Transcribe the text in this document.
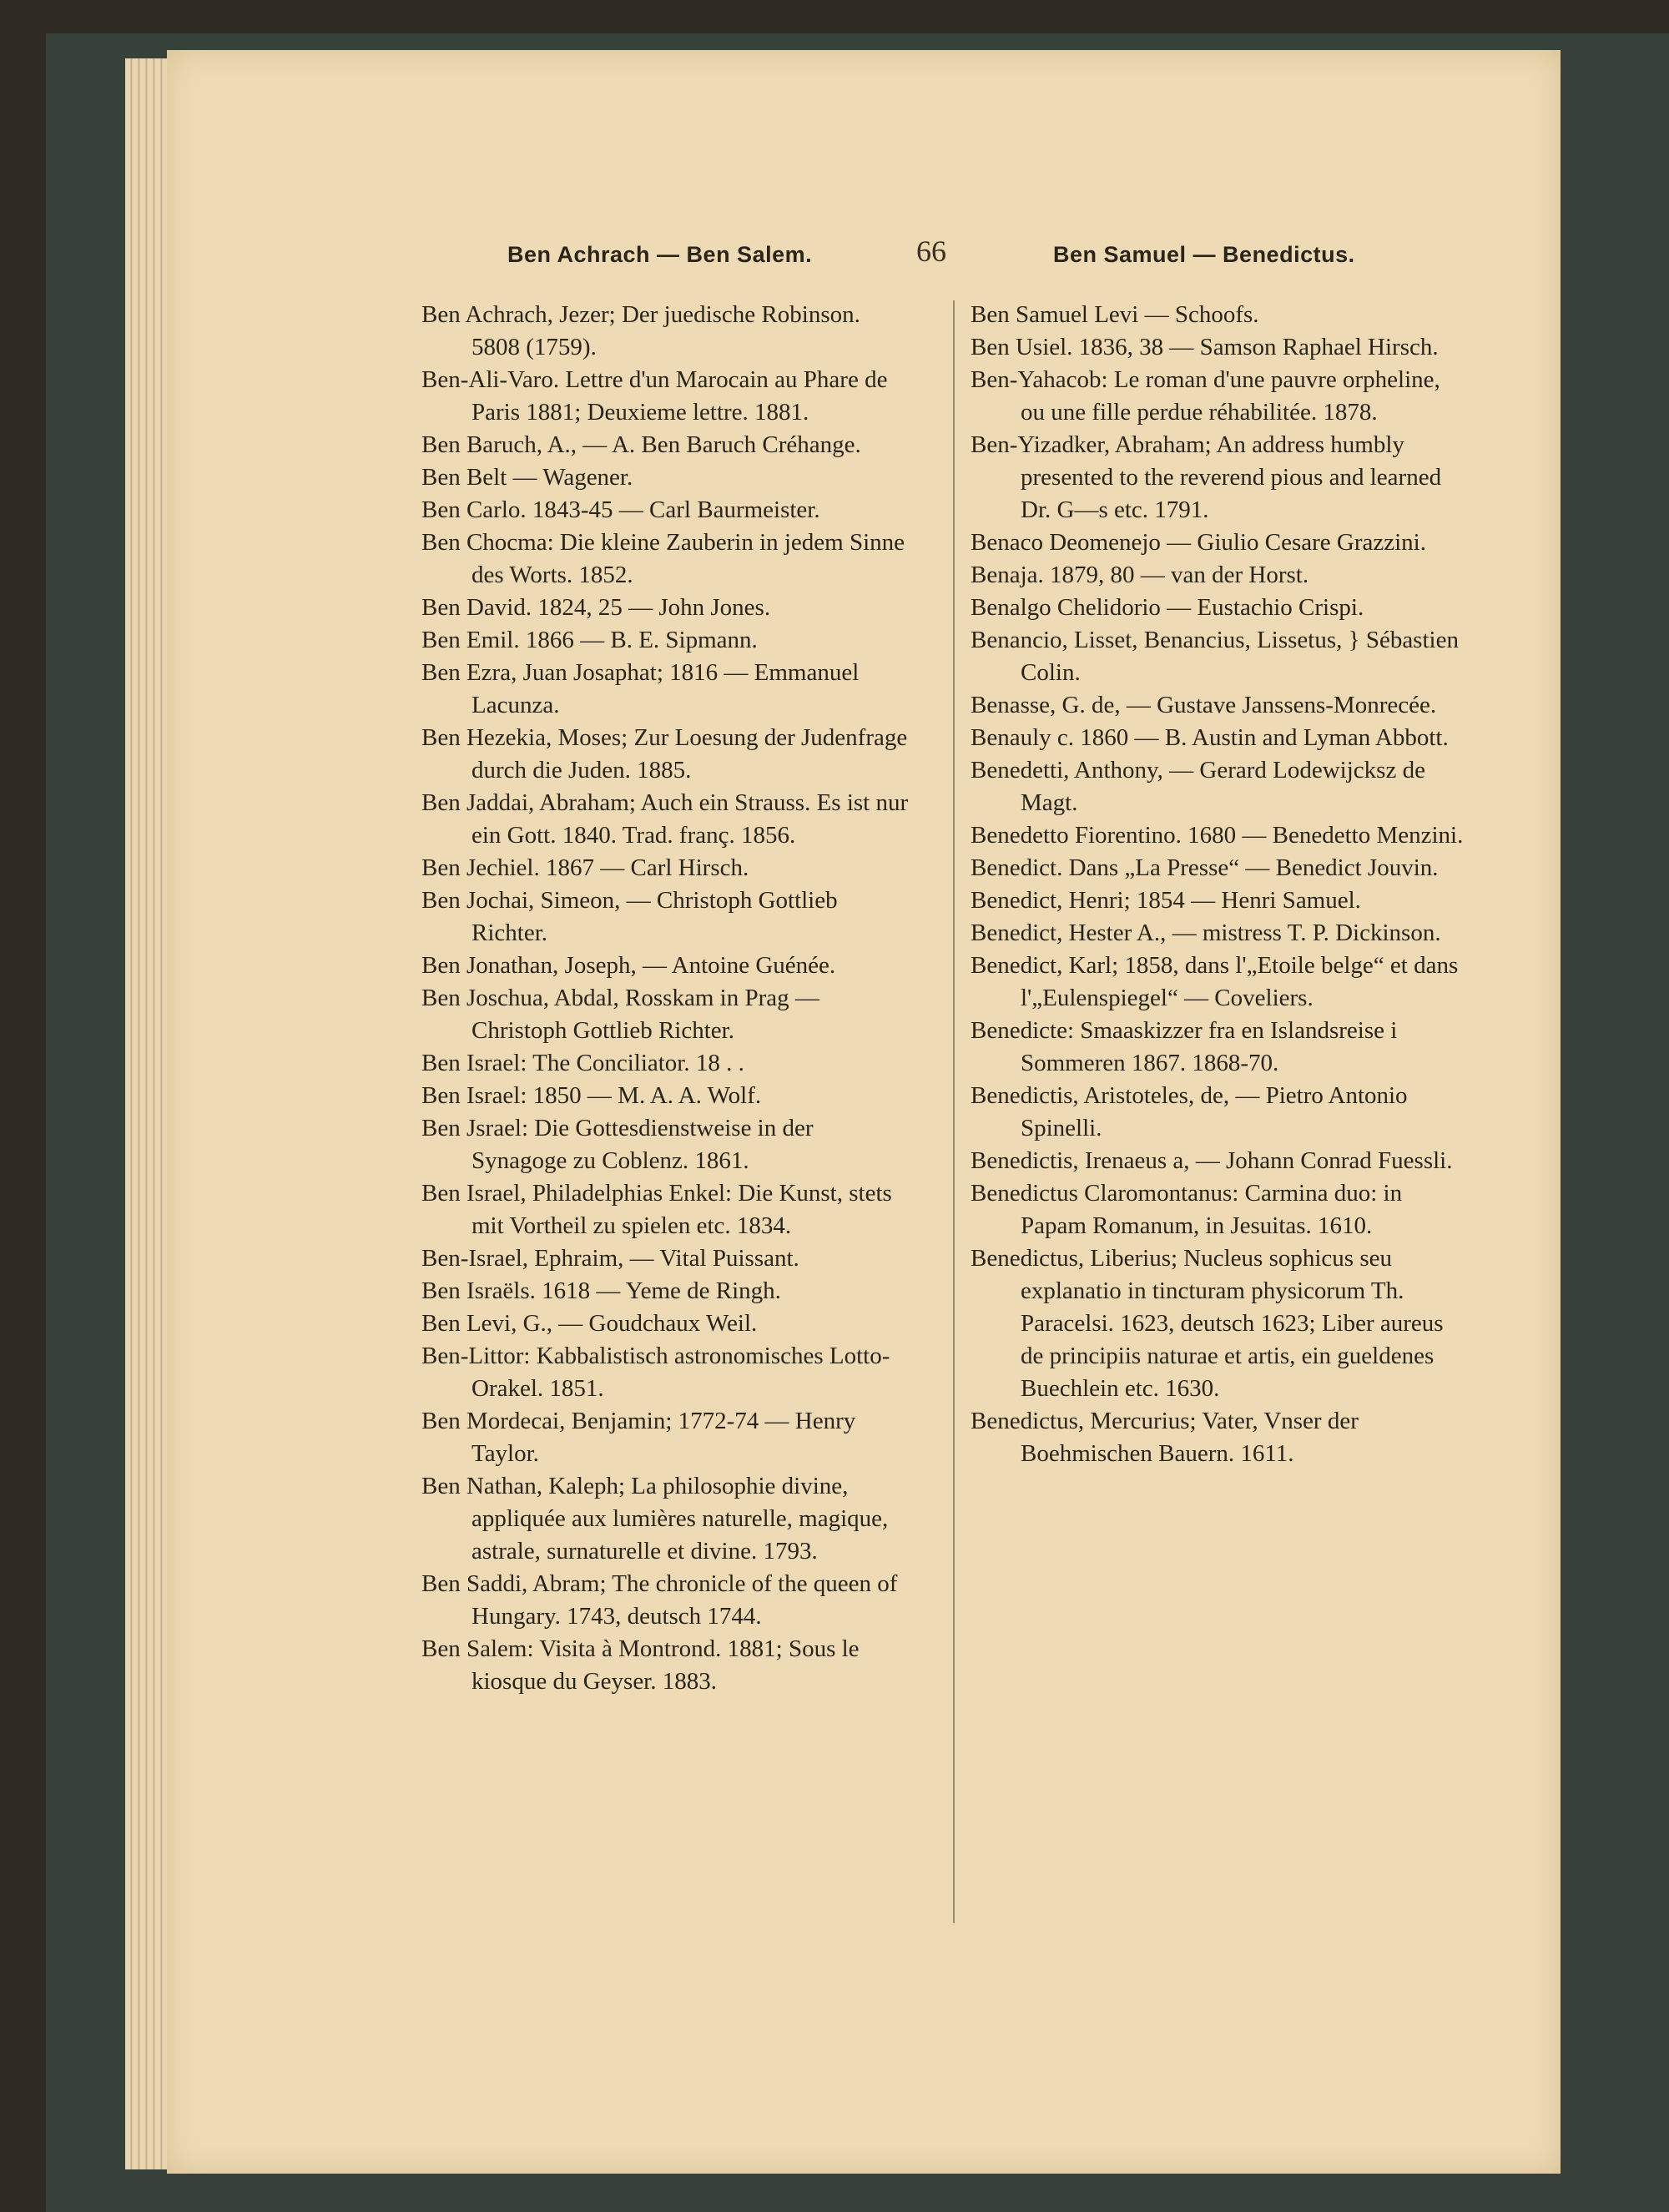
Ben Achrach — Ben Salem.	66	Ben Samuel — Benedictus.
Ben Achrach, Jezer; Der juedische Robinson. 5808 (1759).
Ben-Ali-Varo. Lettre d'un Marocain au Phare de Paris 1881; Deuxieme lettre. 1881.
Ben Baruch, A., — A. Ben Baruch Créhange.
Ben Belt — Wagener.
Ben Carlo. 1843-45 — Carl Baurmeister.
Ben Chocma: Die kleine Zauberin in jedem Sinne des Worts. 1852.
Ben David. 1824, 25 — John Jones.
Ben Emil. 1866 — B. E. Sipmann.
Ben Ezra, Juan Josaphat; 1816 — Emmanuel Lacunza.
Ben Hezekia, Moses; Zur Loesung der Judenfrage durch die Juden. 1885.
Ben Jaddai, Abraham; Auch ein Strauss. Es ist nur ein Gott. 1840. Trad. franç. 1856.
Ben Jechiel. 1867 — Carl Hirsch.
Ben Jochai, Simeon, — Christoph Gottlieb Richter.
Ben Jonathan, Joseph, — Antoine Guénée.
Ben Joschua, Abdal, Rosskam in Prag — Christoph Gottlieb Richter.
Ben Israel: The Conciliator. 18 . .
Ben Israel: 1850 — M. A. A. Wolf.
Ben Jsrael: Die Gottesdienstweise in der Synagoge zu Coblenz. 1861.
Ben Israel, Philadelphias Enkel: Die Kunst, stets mit Vortheil zu spielen etc. 1834.
Ben-Israel, Ephraim, — Vital Puissant.
Ben Israëls. 1618 — Yeme de Ringh.
Ben Levi, G., — Goudchaux Weil.
Ben-Littor: Kabbalistisch astronomisches Lotto-Orakel. 1851.
Ben Mordecai, Benjamin; 1772-74 — Henry Taylor.
Ben Nathan, Kaleph; La philosophie divine, appliquée aux lumières naturelle, magique, astrale, surnaturelle et divine. 1793.
Ben Saddi, Abram; The chronicle of the queen of Hungary. 1743, deutsch 1744.
Ben Salem: Visita à Montrond. 1881; Sous le kiosque du Geyser. 1883.
Ben Samuel Levi — Schoofs.
Ben Usiel. 1836, 38 — Samson Raphael Hirsch.
Ben-Yahacob: Le roman d'une pauvre orpheline, ou une fille perdue réhabilitée. 1878.
Ben-Yizadker, Abraham; An address humbly presented to the reverend pious and learned Dr. G—s etc. 1791.
Benaco Deomenejo — Giulio Cesare Grazzini.
Benaja. 1879, 80 — van der Horst.
Benalgo Chelidorio — Eustachio Crispi.
Benancio, Lisset, Benancius, Lissetus, } Sébastien Colin.
Benasse, G. de, — Gustave Janssens-Monrecée.
Benauly c. 1860 — B. Austin and Lyman Abbott.
Benedetti, Anthony, — Gerard Lodewijcksz de Magt.
Benedetto Fiorentino. 1680 — Benedetto Menzini.
Benedict. Dans „La Presse“ — Benedict Jouvin.
Benedict, Henri; 1854 — Henri Samuel.
Benedict, Hester A., — mistress T. P. Dickinson.
Benedict, Karl; 1858, dans l'„Etoile belge“ et dans l'„Eulenspiegel“ — Coveliers.
Benedicte: Smaaskizzer fra en Islandsreise i Sommeren 1867. 1868-70.
Benedictis, Aristoteles, de, — Pietro Antonio Spinelli.
Benedictis, Irenaeus a, — Johann Conrad Fuessli.
Benedictus Claromontanus: Carmina duo: in Papam Romanum, in Jesuitas. 1610.
Benedictus, Liberius; Nucleus sophicus seu explanatio in tincturam physicorum Th. Paracelsi. 1623, deutsch 1623; Liber aureus de principiis naturae et artis, ein gueldenes Buechlein etc. 1630.
Benedictus, Mercurius; Vater, Vnser der Boehmischen Bauern. 1611.
